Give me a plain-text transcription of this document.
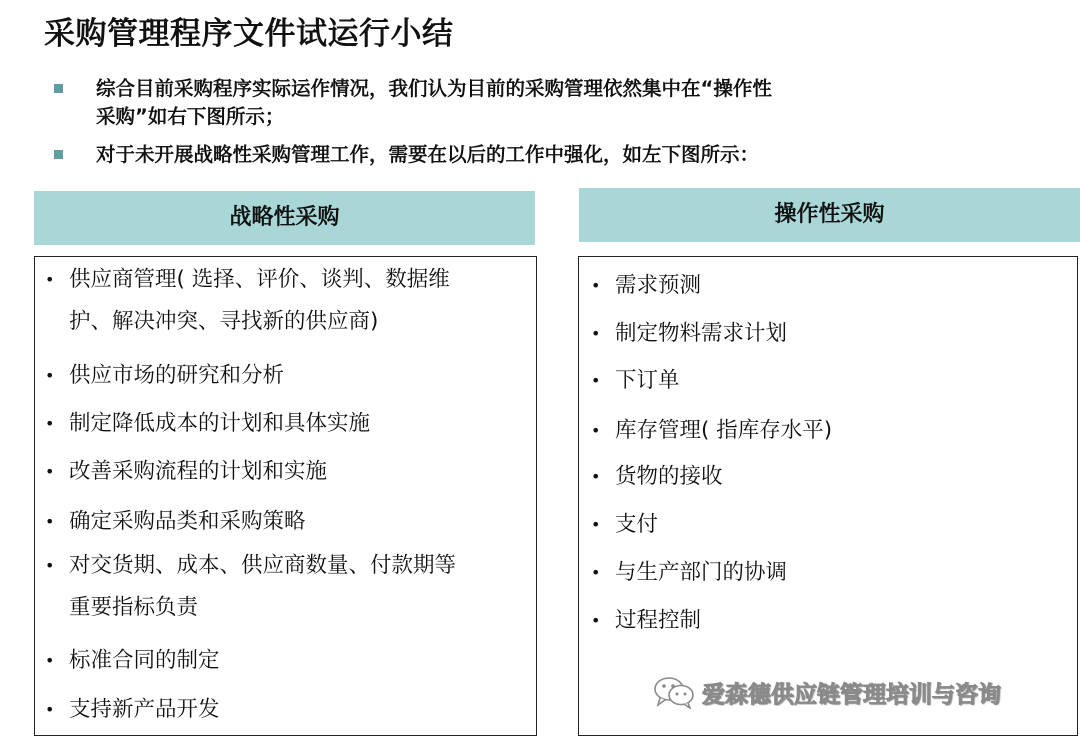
采购管理程序文件试运行小结
综合目前采购程序实际运作情况，我们认为目前的采购管理依然集中在“操作性
采购”如右下图所示；
对于未开展战略性采购管理工作，需要在以后的工作中强化，如左下图所示：
战略性采购	操作性采购
• 供应商管理( 选择、评价、谈判、数据维
护、解决冲突、寻找新的供应商)
• 供应市场的研究和分析
• 制定降低成本的计划和具体实施
• 改善采购流程的计划和实施
• 确定采购品类和采购策略
• 对交货期、成本、供应商数量、付款期等
重要指标负责
• 标准合同的制定
• 支持新产品开发
• 需求预测
• 制定物料需求计划
• 下订单
• 库存管理( 指库存水平)
• 货物的接收
• 支付
• 与生产部门的协调
• 过程控制
爱森德供应链管理培训与咨询
